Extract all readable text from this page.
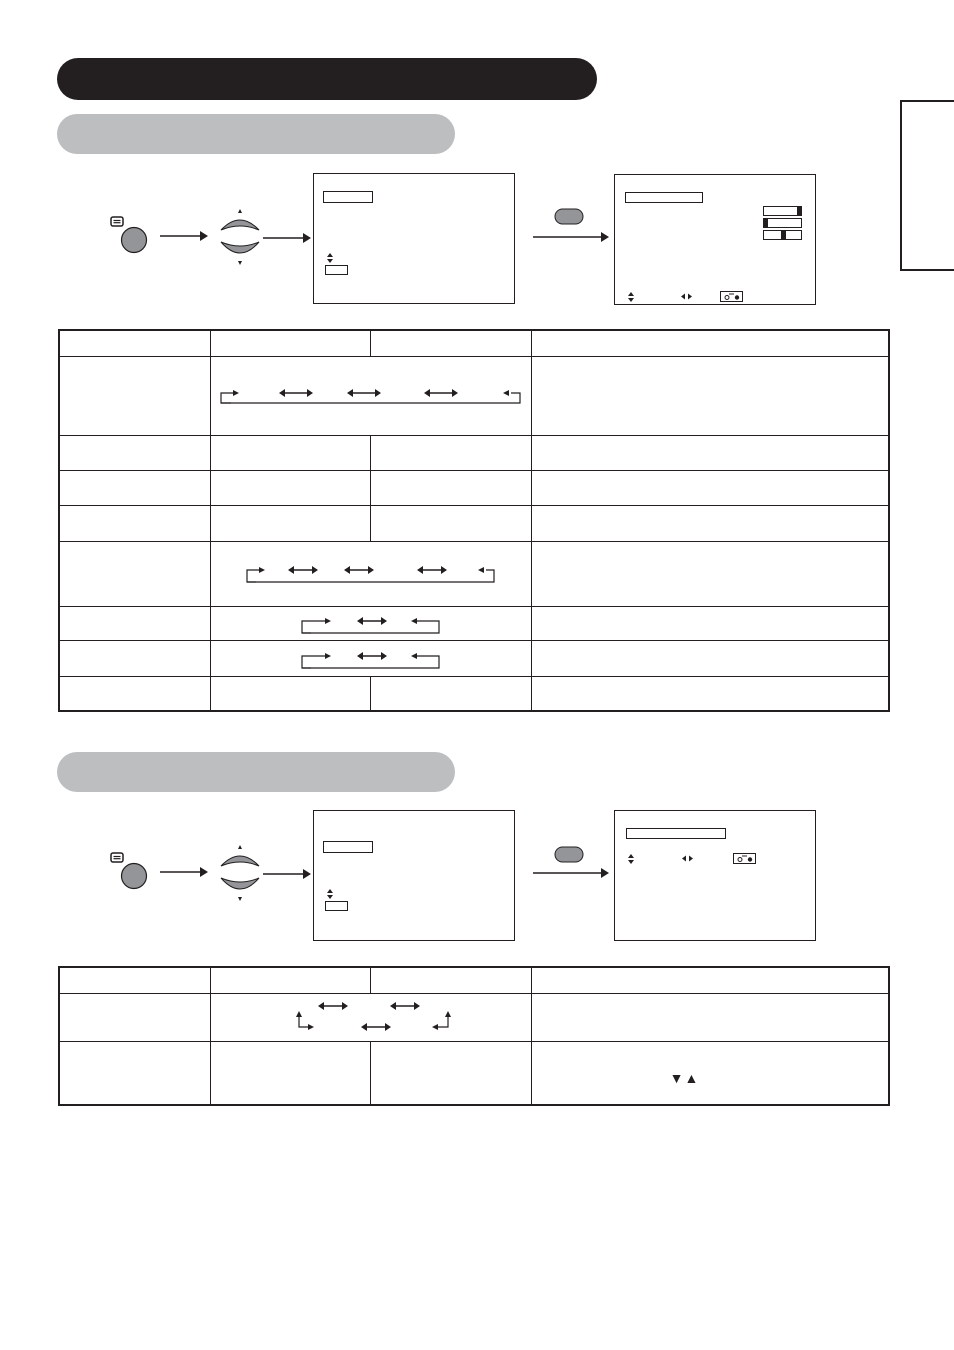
			▼▲
